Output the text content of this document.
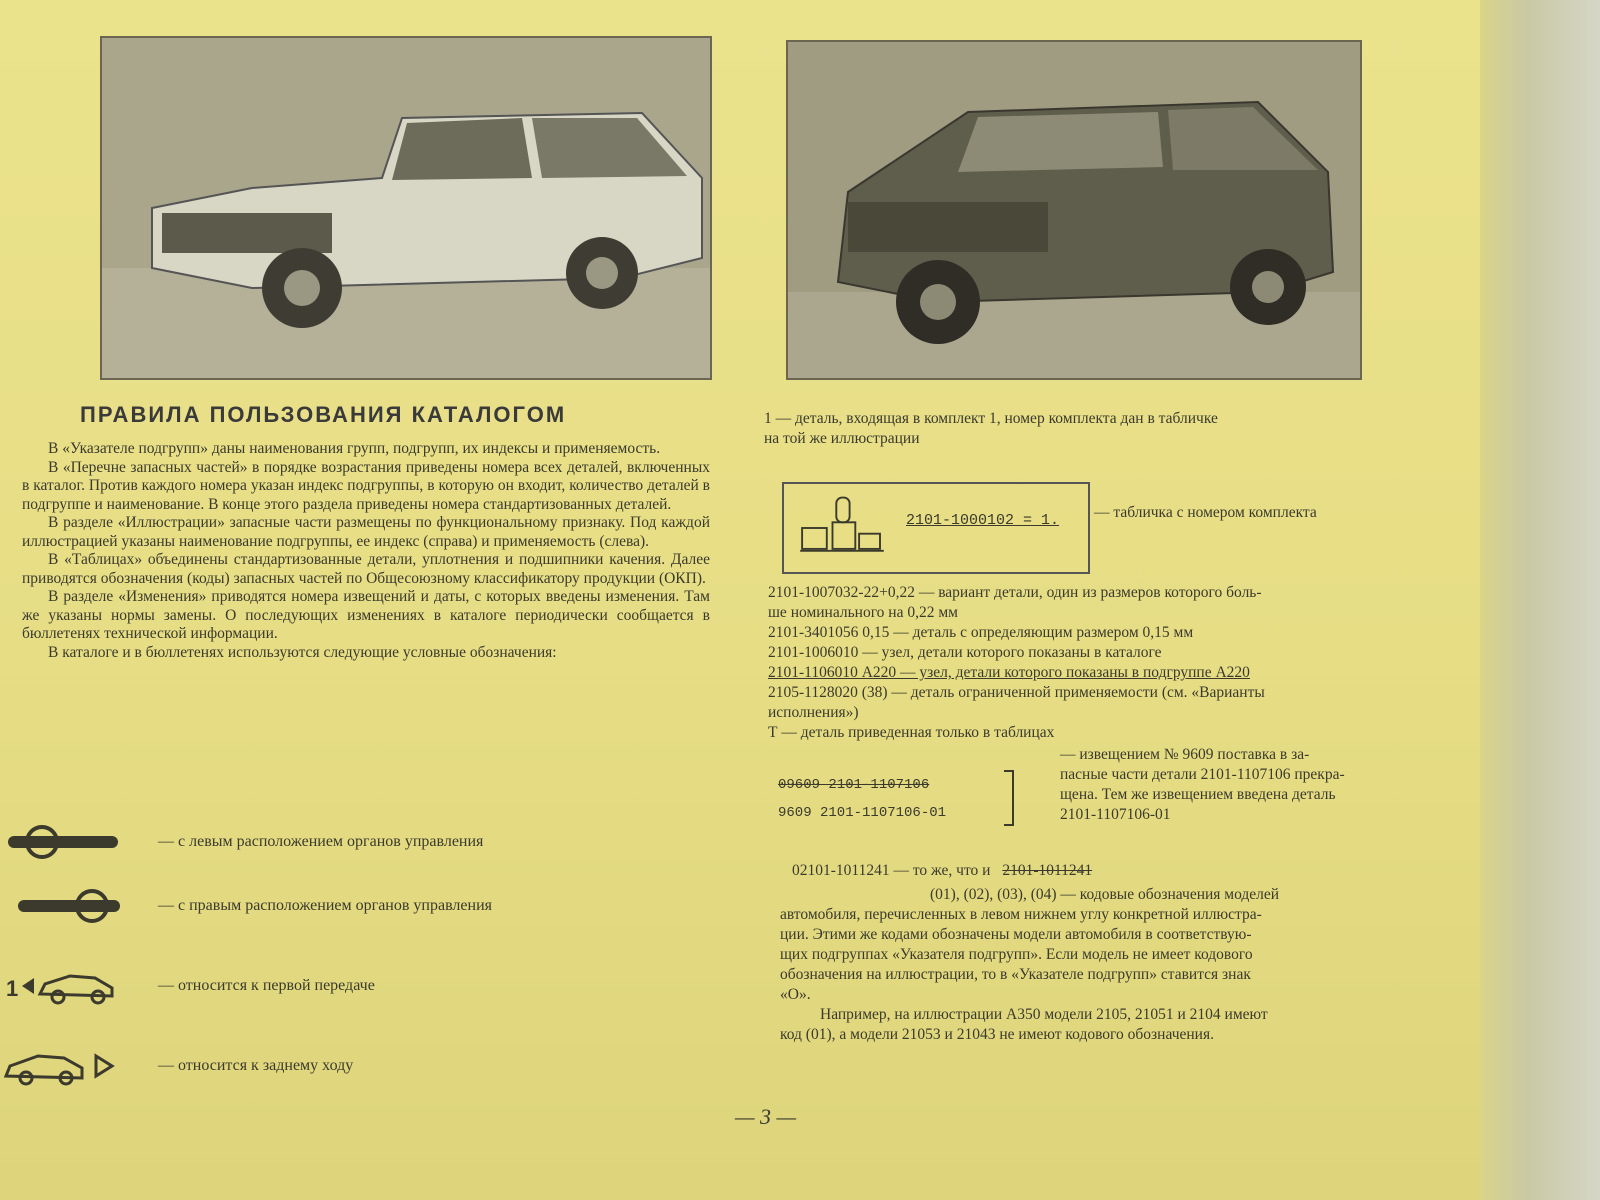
ПРАВИЛА ПОЛЬЗОВАНИЯ КАТАЛОГОМ

В «Указателе подгрупп» даны наименования групп, подгрупп, их индексы и применяемость.

В «Перечне запасных частей» в порядке возрастания приведены номера всех деталей, включенных в каталог. Против каждого номера указан индекс подгруппы, в которую он входит, количество деталей в подгруппе и наименование. В конце этого раздела приведены номера стандартизованных деталей.

В разделе «Иллюстрации» запасные части размещены по функциональному признаку. Под каждой иллюстрацией указаны наименование подгруппы, ее индекс (справа) и применяемость (слева).

В «Таблицах» объединены стандартизованные детали, уплотнения и подшипники качения. Далее приводятся обозначения (коды) запасных частей по Общесоюзному классификатору продукции (ОКП).

В разделе «Изменения» приводятся номера извещений и даты, с которых введены изменения. Там же указаны нормы замены. О последующих изменениях в каталоге периодически сообщается в бюллетенях технической информации.

В каталоге и в бюллетенях используются следующие условные обозначения:

— с левым расположением органов управления
— с правым расположением органов управления
1	— относится к первой передаче
— относится к заднему ходу
1 — деталь, входящая в комплект 1, номер комплекта дан в табличке
на той же иллюстрации
2101-1000102 = 1. — табличка с номером комплекта
2101-1007032-22+0,22 — вариант детали, один из размеров которого боль-
ше номинального на 0,22 мм
2101-3401056 0,15 — деталь с определяющим размером 0,15 мм
2101-1006010 — узел, детали которого показаны в каталоге
2101-1106010 А220 — узел, детали которого показаны в подгруппе А220
2105-1128020 (38) — деталь ограниченной применяемости (см. «Варианты
исполнения»)
Т — деталь приведенная только в таблицах
09609 2101-1107106
9609 2101-1107106-01
— извещением № 9609 поставка в за-
пасные части детали 2101-1107106 прекра-
щена. Тем же извещением введена деталь
2101-1107106-01
02101-1011241 — то же, что и 2101-1011241
(01), (02), (03), (04) — кодовые обозначения моделей
автомобиля, перечисленных в левом нижнем углу конкретной иллюстра-
ции. Этими же кодами обозначены модели автомобиля в соответствую-
щих подгруппах «Указателя подгрупп». Если модель не имеет кодового
обозначения на иллюстрации, то в «Указателе подгрупп» ставится знак
«О».
Например, на иллюстрации А350 модели 2105, 21051 и 2104 имеют
код (01), а модели 21053 и 21043 не имеют кодового обозначения.
— 3 —
